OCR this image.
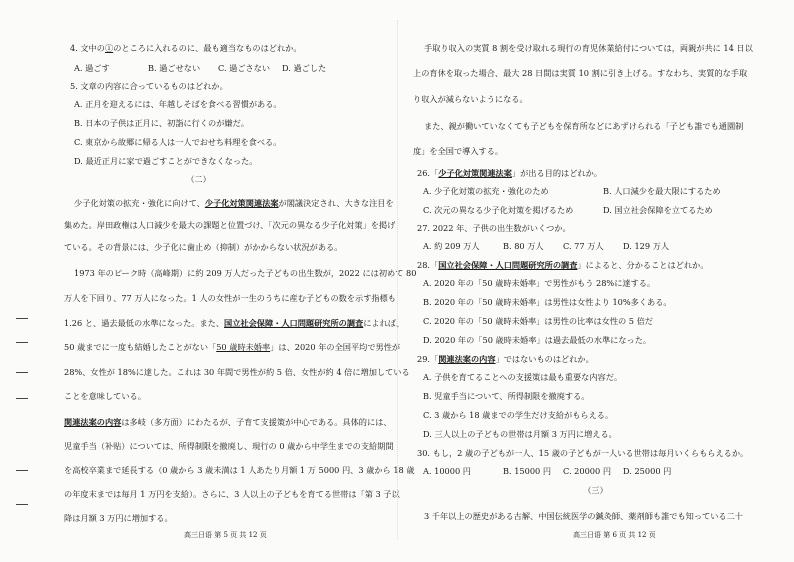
4. 文中の①のところに入れるのに、最も適当なものはどれか。
A. 過ごす	B. 過ごせない C. 過ごさない D. 過ごした
5. 文章の内容に合っているものはどれか。
A. 正月を迎えるには、年越しそばを食べる習慣がある。
B. 日本の子供は正月に、初詣に行くのが嫌だ。
C. 東京から故郷に帰る人は一人でおせち料理を食べる。
D. 最近正月に家で過ごすことができなくなった。
（二）
少子化対策の拡充・強化に向けて、少子化対策関連法案が閣議決定され、大きな注目を
集めた。岸田政権は人口減少を最大の課題と位置づけ、「次元の異なる少子化対策」を掲げ
ている。その背景には、少子化に歯止め（抑制）がかからない状況がある。
1973 年のピーク時（高峰期）に約 209 万人だった子どもの出生数が，2022 には初めて 80
万人を下回り、77 万人になった。1 人の女性が一生のうちに産む子どもの数を示す指標も
1.26 と、過去最低の水準になった。また、国立社会保障・人口問題研究所の調査によれば、
50 歳までに一度も結婚したことがない「50 歳時未婚率」は、2020 年の全国平均で男性が
28%、女性が 18%に達した。これは 30 年間で男性が約 5 倍、女性が約 4 倍に増加している
ことを意味している。
関連法案の内容は多岐（多方面）にわたるが、子育て支援策が中心である。具体的には、
児童手当（补贴）については、所得制限を撤廃し、現行の 0 歳から中学生までの支給期間
を高校卒業まで延長する（0 歳から 3 歳未満は 1 人あたり月額 1 万 5000 円、3 歳から 18 歳
の年度末までは毎月 1 万円を支給）。さらに、3 人以上の子どもを育てる世帯は「第 3 子以
降は月額 3 万円に増加する。
高三日语 第 5 页 共 12 页
手取り収入の実質 8 割を受け取れる現行の育児休業給付については，両親が共に 14 日以
上の育休を取った場合、最大 28 日間は実質 10 割に引き上げる。すなわち、実質的な手取
り収入が減らないようになる。
また、親が働いていなくても子どもを保育所などにあずけられる「子ども誰でも通園制
度」を全国で導入する。
26.「少子化対策関連法案」が出る目的はどれか。
A. 少子化対策の拡充・強化のため	B. 人口減少を最大限にするため
C. 次元の異なる少子化対策を掲げるため	D. 国立社会保障を立てるため
27. 2022 年、子供の出生数がいくつか。
A. 約 209 万人	B. 80 万人 C. 77 万人 D. 129 万人
28.「国立社会保障・人口問題研究所の調査」によると、分かることはどれか。
A. 2020 年の「50 歳時未婚率」で男性がもう 28%に達する。
B. 2020 年の「50 歳時未婚率」は男性は女性より 10%多くある。
C. 2020 年の「50 歳時未婚率」は男性の比率は女性の 5 倍だ
D. 2020 年の「50 歳時未婚率」は過去最低の水準になった。
29.「関連法案の内容」ではないものはどれか。
A. 子供を育てることへの支援策は最も重要な内容だ。
B. 児童手当について、所得制限を撤廃する。
C. 3 歳から 18 歳までの学生だけ支給がもらえる。
D. 三人以上の子どもの世帯は月額 3 万円に増える。
30. もし，2 歳の子どもが一人、15 歳の子どもが一人いる世帯は毎月いくらもらえるか。
A. 10000 円	B. 15000 円 C. 20000 円 D. 25000 円
（三）
3 千年以上の歴史がある古解、中国伝統医学の鍼灸師、薬剤師も誰でも知っている二十
高三日语 第 6 页 共 12 页
